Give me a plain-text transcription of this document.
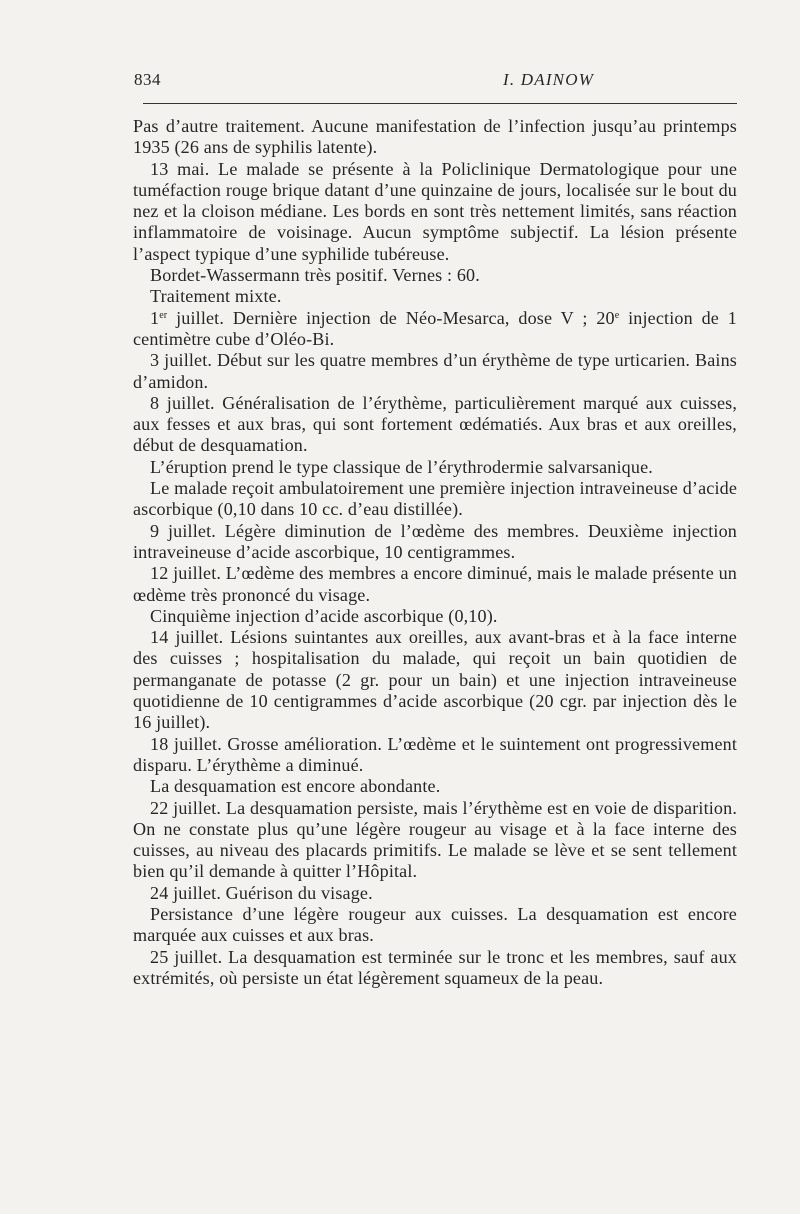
834	I. DAINOW

Pas d’autre traitement. Aucune manifestation de l’infection jusqu’au printemps 1935 (26 ans de syphilis latente).

13 mai. Le malade se présente à la Policlinique Dermatologique pour une tuméfaction rouge brique datant d’une quinzaine de jours, localisée sur le bout du nez et la cloison médiane. Les bords en sont très nettement limités, sans réaction inflammatoire de voisinage. Aucun symptôme subjectif. La lésion présente l’aspect typique d’une syphilide tubéreuse.

Bordet-Wassermann très positif. Vernes : 60.

Traitement mixte.

1er juillet. Dernière injection de Néo-Mesarca, dose V ; 20e injection de 1 centimètre cube d’Oléo-Bi.

3 juillet. Début sur les quatre membres d’un érythème de type urticarien. Bains d’amidon.

8 juillet. Généralisation de l’érythème, particulièrement marqué aux cuisses, aux fesses et aux bras, qui sont fortement œdématiés. Aux bras et aux oreilles, début de desquamation.

L’éruption prend le type classique de l’érythrodermie salvarsanique.

Le malade reçoit ambulatoirement une première injection intraveineuse d’acide ascorbique (0,10 dans 10 cc. d’eau distillée).

9 juillet. Légère diminution de l’œdème des membres. Deuxième injection intraveineuse d’acide ascorbique, 10 centigrammes.

12 juillet. L’œdème des membres a encore diminué, mais le malade présente un œdème très prononcé du visage.

Cinquième injection d’acide ascorbique (0,10).

14 juillet. Lésions suintantes aux oreilles, aux avant-bras et à la face interne des cuisses ; hospitalisation du malade, qui reçoit un bain quotidien de permanganate de potasse (2 gr. pour un bain) et une injection intraveineuse quotidienne de 10 centigrammes d’acide ascorbique (20 cgr. par injection dès le 16 juillet).

18 juillet. Grosse amélioration. L’œdème et le suintement ont progressivement disparu. L’érythème a diminué.

La desquamation est encore abondante.

22 juillet. La desquamation persiste, mais l’érythème est en voie de disparition. On ne constate plus qu’une légère rougeur au visage et à la face interne des cuisses, au niveau des placards primitifs. Le malade se lève et se sent tellement bien qu’il demande à quitter l’Hôpital.

24 juillet. Guérison du visage.

Persistance d’une légère rougeur aux cuisses. La desquamation est encore marquée aux cuisses et aux bras.

25 juillet. La desquamation est terminée sur le tronc et les membres, sauf aux extrémités, où persiste un état légèrement squameux de la peau.
